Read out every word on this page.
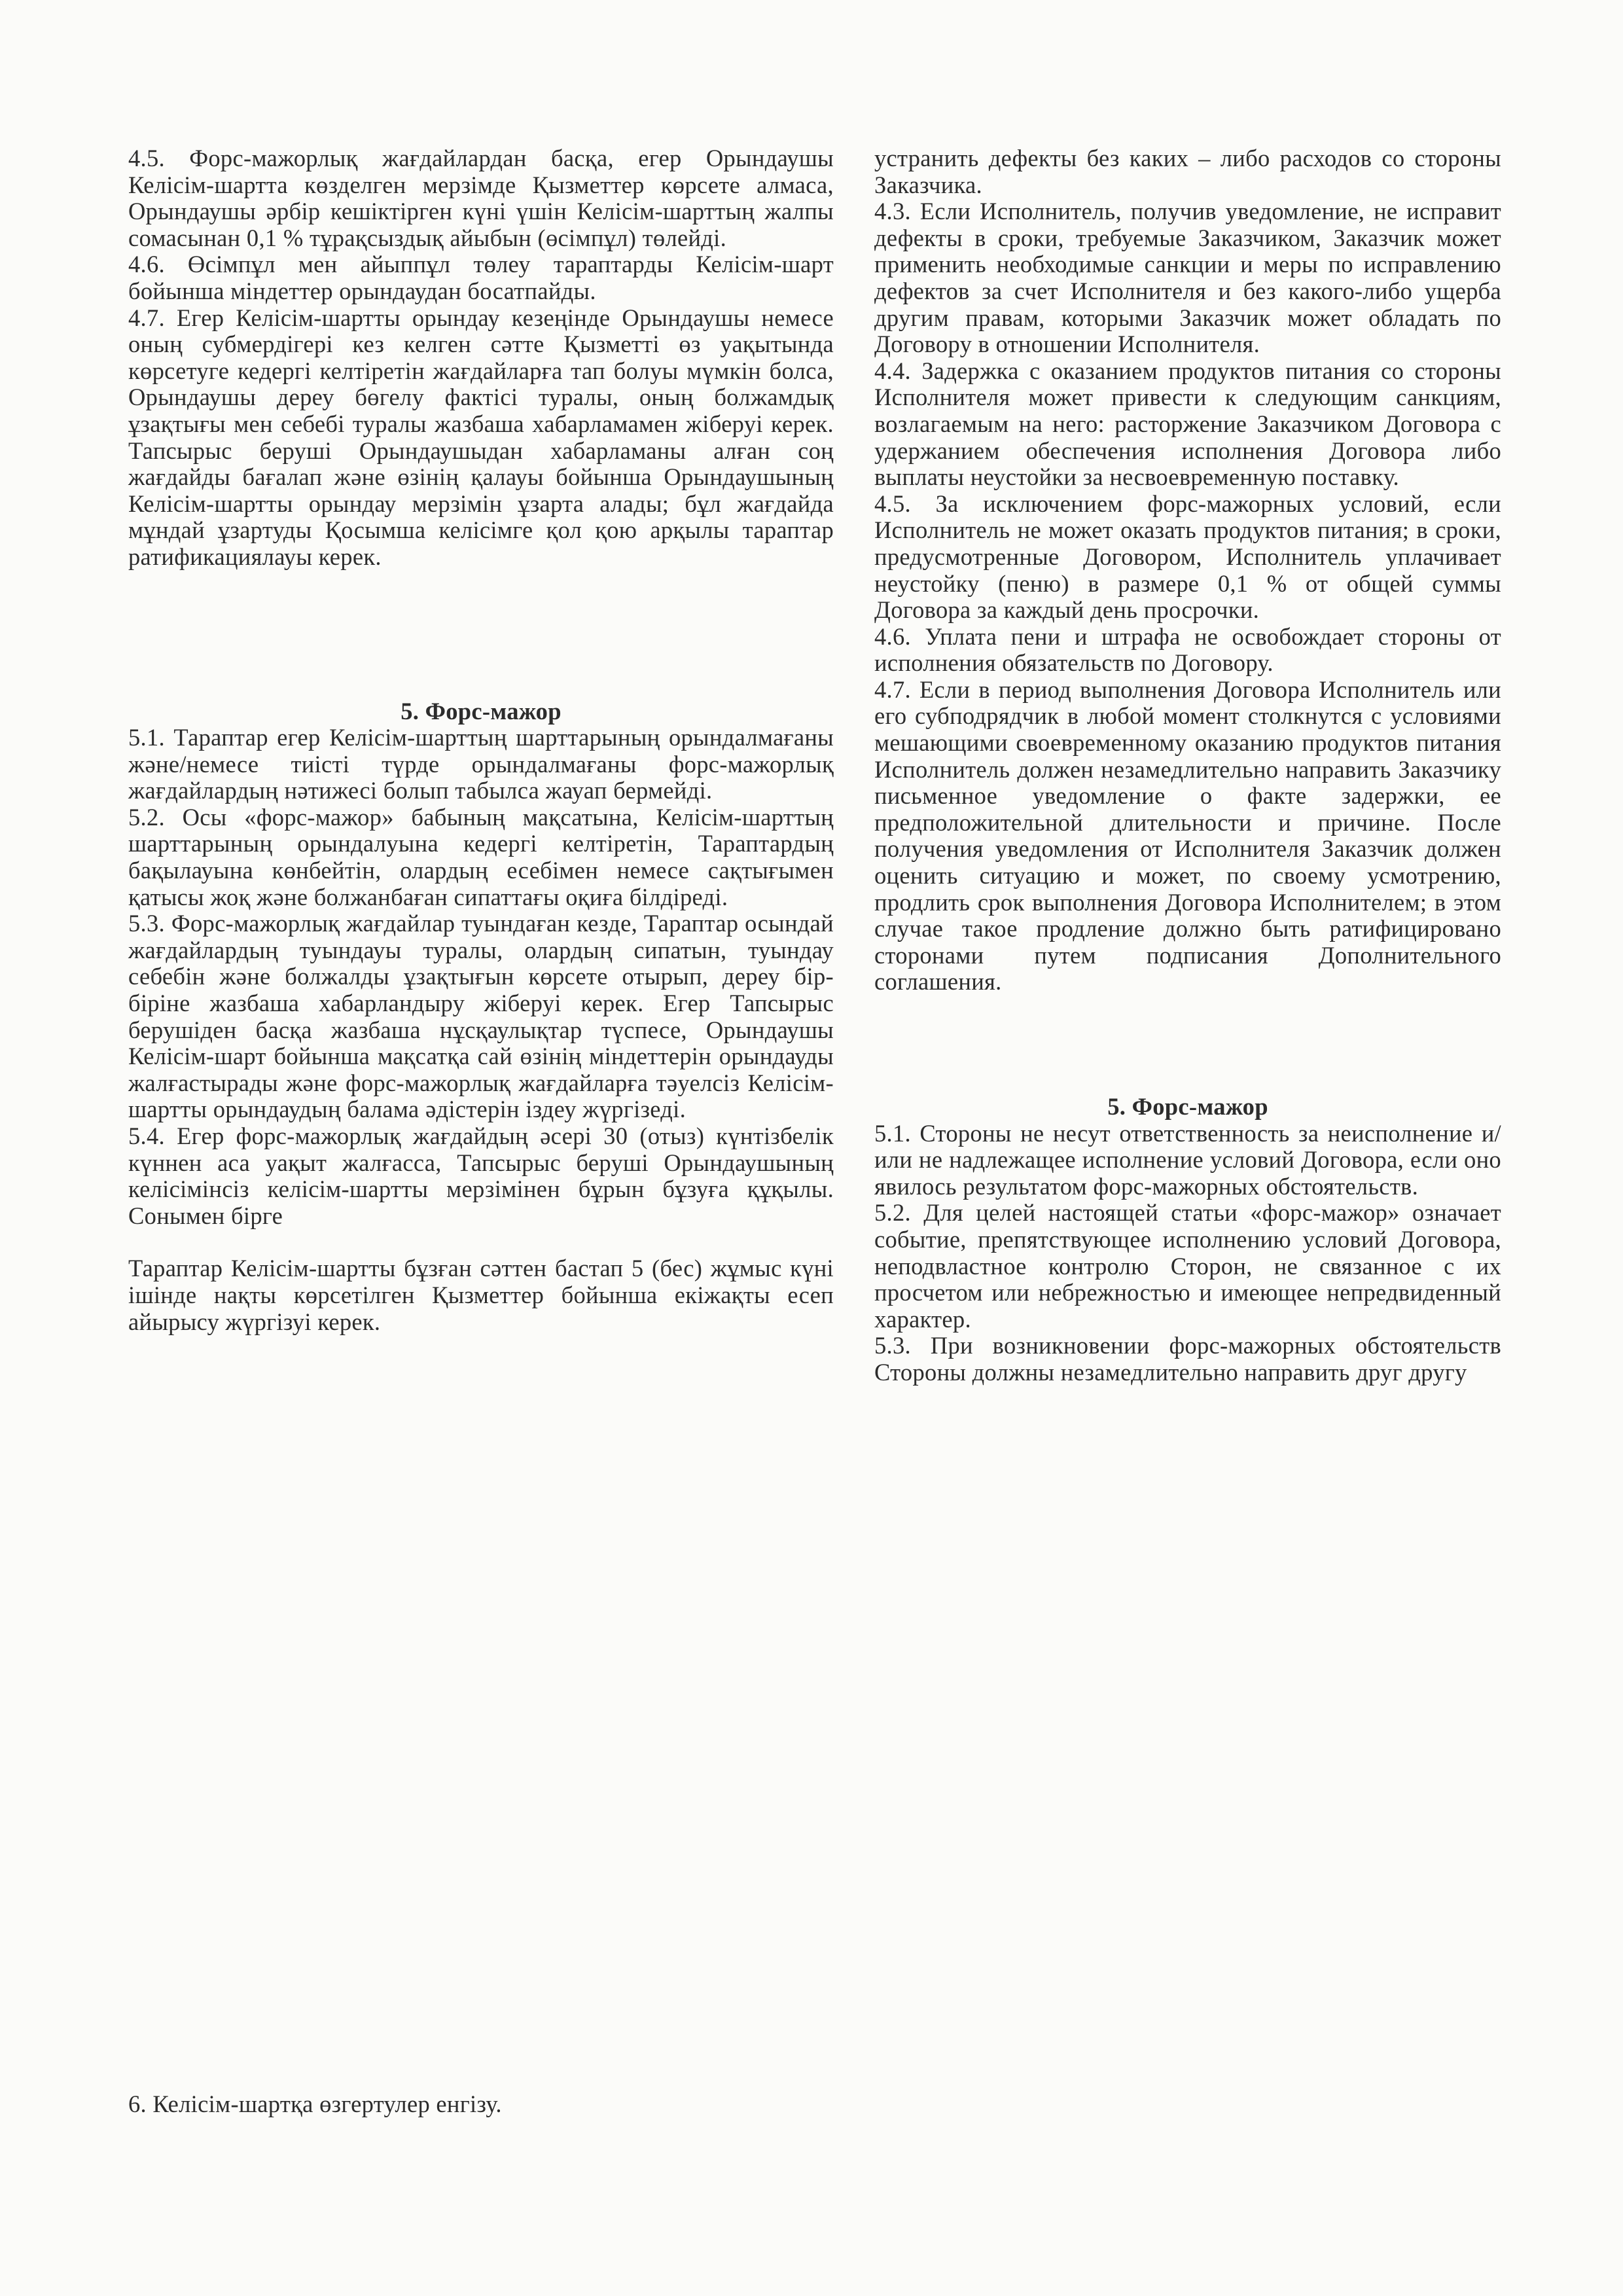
4.5. Форс-мажорлық жағдайлардан басқа, егер Орындаушы Келісім-шартта көзделген мерзімде Қызметтер көрсете алмаса, Орындаушы әрбір кешіктірген күні үшін Келісім-шарттың жалпы сомасынан 0,1 % тұрақсыздық айыбын (өсімпұл) төлейді.

4.6. Өсімпұл мен айыппұл төлеу тараптарды Келісім-шарт бойынша міндеттер орындаудан босатпайды.

4.7. Егер Келісім-шартты орындау кезеңінде Орындаушы немесе оның субмердігері кез келген сәтте Қызметті өз уақытында көрсетуге кедергі келтіретін жағдайларға тап болуы мүмкін болса, Орындаушы дереу бөгелу фактісі туралы, оның болжамдық ұзақтығы мен себебі туралы жазбаша хабарламамен жіберуі керек. Тапсырыс беруші Орындаушыдан хабарламаны алған соң жағдайды бағалап және өзінің қалауы бойынша Орындаушының Келісім-шартты орындау мерзімін ұзарта алады; бұл жағдайда мұндай ұзартуды Қосымша келісімге қол қою арқылы тараптар ратификациялауы керек.

5. Форс-мажор

5.1. Тараптар егер Келісім-шарттың шарттарының орындалмағаны және/немесе тиісті түрде орындалмағаны форс-мажорлық жағдайлардың нәтижесі болып табылса жауап бермейді.

5.2. Осы «форс-мажор» бабының мақсатына, Келісім-шарттың шарттарының орындалуына кедергі келтіретін, Тараптардың бақылауына көнбейтін, олардың есебімен немесе сақтығымен қатысы жоқ және болжанбаған сипаттағы оқиға білдіреді.

5.3. Форс-мажорлық жағдайлар туындаған кезде, Тараптар осындай жағдайлардың туындауы туралы, олардың сипатын, туындау себебін және болжалды ұзақтығын көрсете отырып, дереу бір-біріне жазбаша хабарландыру жіберуі керек. Егер Тапсырыс берушіден басқа жазбаша нұсқаулықтар түспесе, Орындаушы Келісім-шарт бойынша мақсатқа сай өзінің міндеттерін орындауды жалғастырады және форс-мажорлық жағдайларға тәуелсіз Келісім-шартты орындаудың балама әдістерін іздеу жүргізеді.

5.4. Егер форс-мажорлық жағдайдың әсері 30 (отыз) күнтізбелік күннен аса уақыт жалғасса, Тапсырыс беруші Орындаушының келісімінсіз келісім-шартты мерзімінен бұрын бұзуға құқылы. Сонымен бірге

Тараптар Келісім-шартты бұзған сәттен бастап 5 (бес) жұмыс күні ішінде нақты көрсетілген Қызметтер бойынша екіжақты есеп айырысу жүргізуі керек.

6. Келісім-шартқа өзгертулер енгізу.

устранить дефекты без каких – либо расходов со стороны Заказчика.

4.3. Если Исполнитель, получив уведомление, не исправит дефекты в сроки, требуемые Заказчиком, Заказчик может применить необходимые санкции и меры по исправлению дефектов за счет Исполнителя и без какого-либо ущерба другим правам, которыми Заказчик может обладать по Договору в отношении Исполнителя.

4.4. Задержка с оказанием продуктов питания со стороны Исполнителя может привести к следующим санкциям, возлагаемым на него: расторжение Заказчиком Договора с удержанием обеспечения исполнения Договора либо выплаты неустойки за несвоевременную поставку.

4.5. За исключением форс-мажорных условий, если Исполнитель не может оказать продуктов питания; в сроки, предусмотренные Договором, Исполнитель уплачивает неустойку (пеню) в размере 0,1 % от общей суммы Договора за каждый день просрочки.

4.6. Уплата пени и штрафа не освобождает стороны от исполнения обязательств по Договору.

4.7. Если в период выполнения Договора Исполнитель или его субподрядчик в любой момент столкнутся с условиями мешающими своевременному оказанию продуктов питания Исполнитель должен незамедлительно направить Заказчику письменное уведомление о факте задержки, ее предположительной длительности и причине. После получения уведомления от Исполнителя Заказчик должен оценить ситуацию и может, по своему усмотрению, продлить срок выполнения Договора Исполнителем; в этом случае такое продление должно быть ратифицировано сторонами путем подписания Дополнительного соглашения.

5. Форс-мажор

5.1. Стороны не несут ответственность за неисполнение и/или не надлежащее исполнение условий Договора, если оно явилось результатом форс-мажорных обстоятельств.

5.2. Для целей настоящей статьи «форс-мажор» означает событие, препятствующее исполнению условий Договора, неподвластное контролю Сторон, не связанное с их просчетом или небрежностью и имеющее непредвиденный характер.

5.3. При возникновении форс-мажорных обстоятельств Стороны должны незамедлительно направить друг другу
